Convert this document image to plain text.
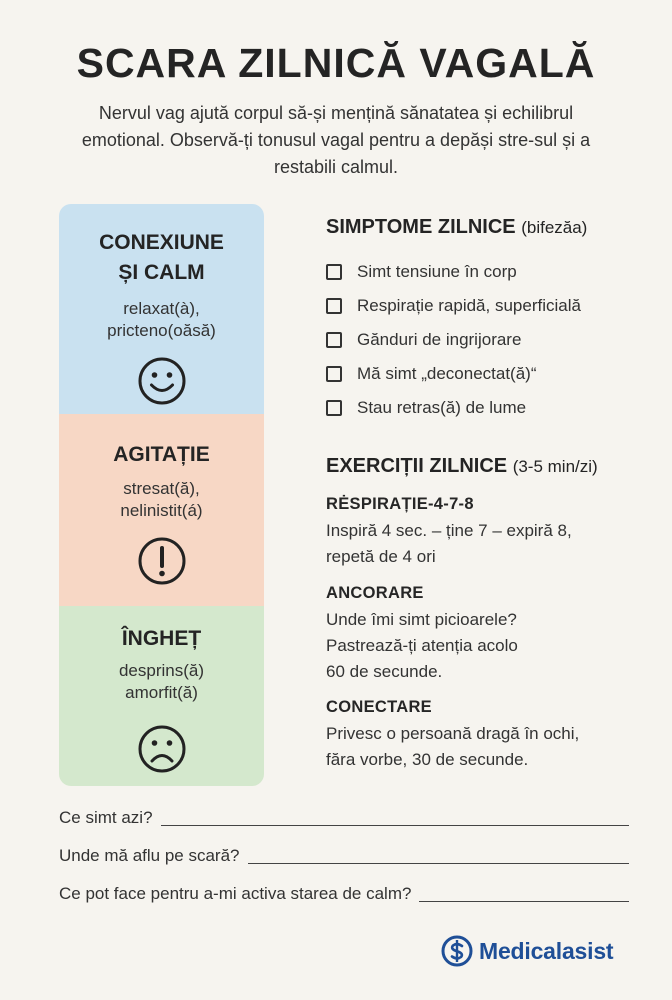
SCARA ZILNICĂ VAGALĂ
Nervul vag ajută corpul să-și mențină sănatatea și echilibrul emotional. Observă-ți tonusul vagal pentru a depăși stre-sul și a restabili calmul.
CONEXIUNE
ȘI CALM
relaxat(à),
pricteno(oăsă)
AGITAȚIE
stresat(ă),
nelinistit(á)
ÎNGHEȚ
desprins(ă)
amorfit(ă)
SIMPTOME ZILNICE (bifezăa)
Simt tensiune în corp
Respirație rapidă, superficială
Gănduri de ingrijorare
Mă simt „deconectat(ă)“
Stau retras(ă) de lume
EXERCIȚII ZILNICE (3-5 min/zi)
RĖSPIRAȚIE-4-7-8
Inspiră 4 sec. – ține 7 – expiră 8,
repetă de 4 ori
ANCORARE
Unde îmi simt picioarele?
Pastrează-ți atenția acolo
60 de secunde.
CONECTARE
Privesc o persoană dragă în ochi,
făra vorbe, 30 de secunde.
Ce simt azi?
Unde mă aflu pe scară?
Ce pot face pentru a-mi activa starea de calm?
Medicalasist
